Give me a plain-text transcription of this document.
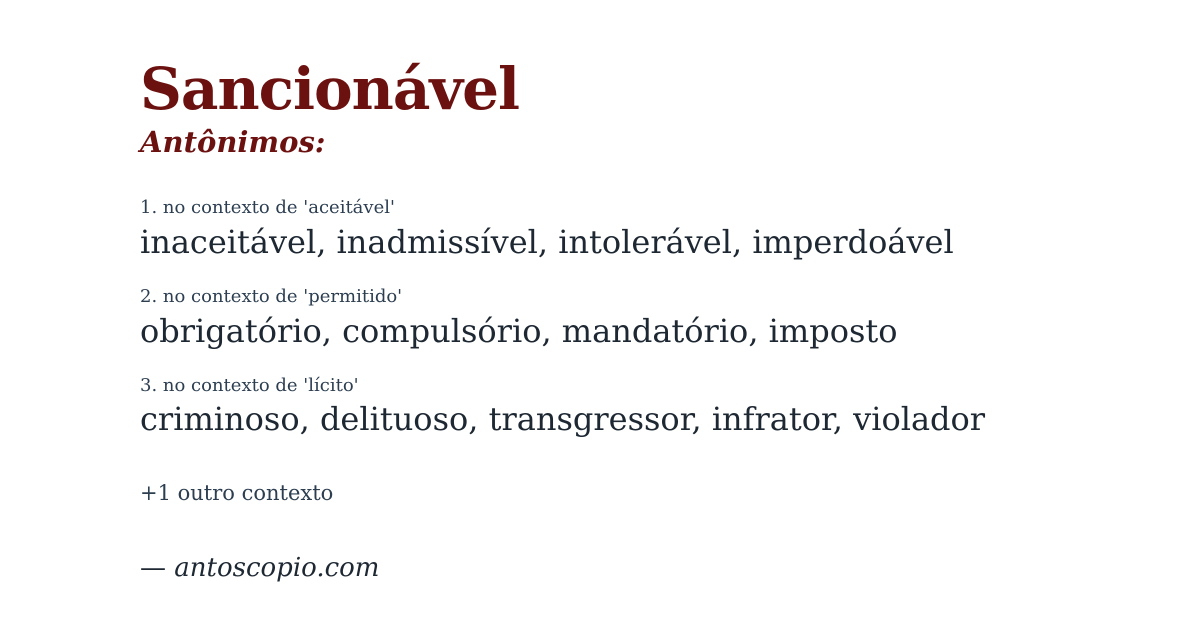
Sancionável
Antônimos:
1. no contexto de 'aceitável'
inaceitável, inadmissível, intolerável, imperdoável
2. no contexto de 'permitido'
obrigatório, compulsório, mandatório, imposto
3. no contexto de 'lícito'
criminoso, delituoso, transgressor, infrator, violador
+1 outro contexto
— antoscopio.com
